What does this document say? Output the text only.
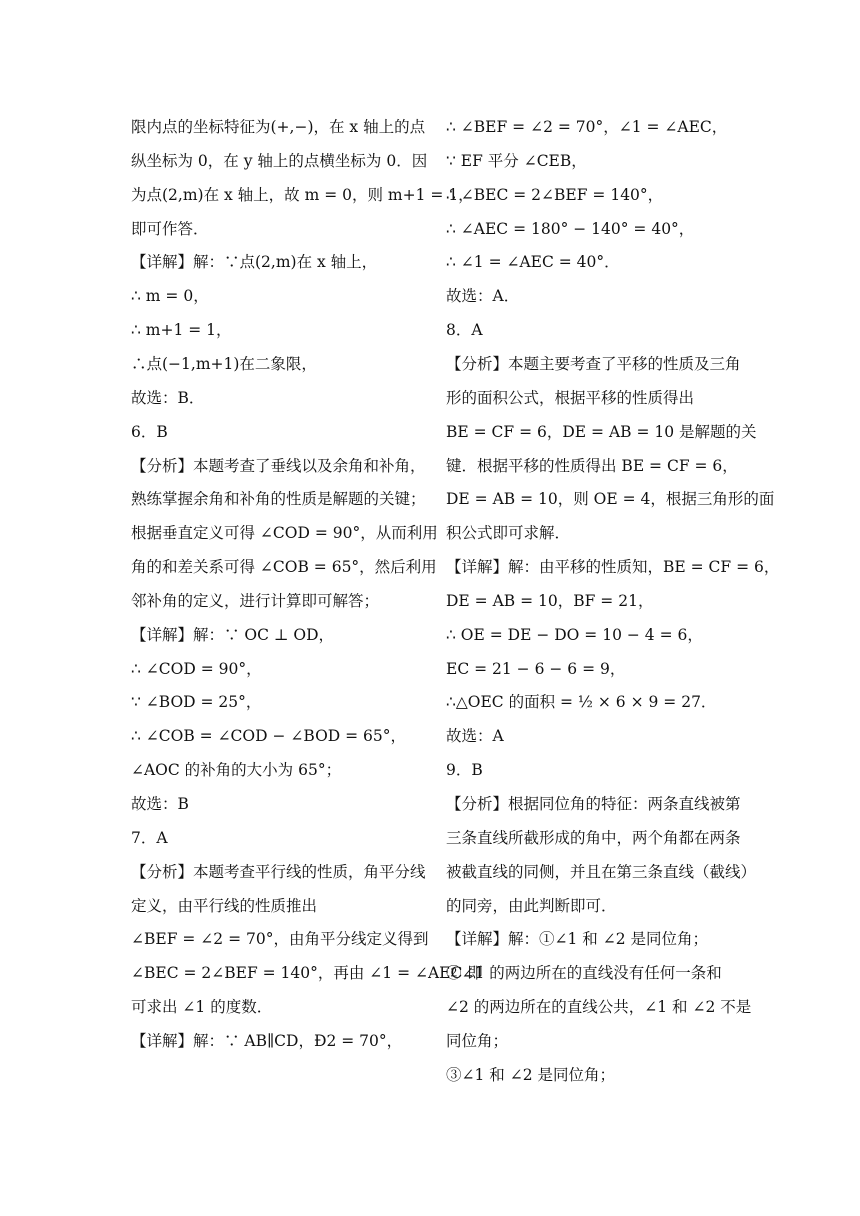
限内点的坐标特征为(+,−)，在 x 轴上的点
纵坐标为 0，在 y 轴上的点横坐标为 0．因
为点(2,m)在 x 轴上，故 m = 0，则 m+1 = 1，
即可作答．
【详解】解：∵点(2,m)在 x 轴上，
∴ m = 0，
∴ m+1 = 1，
∴点(−1,m+1)在二象限，
故选：B．
6．B
【分析】本题考查了垂线以及余角和补角，
熟练掌握余角和补角的性质是解题的关键；
根据垂直定义可得 ∠COD = 90°，从而利用
角的和差关系可得 ∠COB = 65°，然后利用
邻补角的定义，进行计算即可解答；
【详解】解：∵ OC ⊥ OD，
∴ ∠COD = 90°，
∵ ∠BOD = 25°，
∴ ∠COB = ∠COD − ∠BOD = 65°，
∠AOC 的补角的大小为 65°；
故选：B
7．A
【分析】本题考查平行线的性质，角平分线
定义，由平行线的性质推出
∠BEF = ∠2 = 70°，由角平分线定义得到
∠BEC = 2∠BEF = 140°，再由 ∠1 = ∠AEC 即
可求出 ∠1 的度数．
【详解】解：∵ AB∥CD，Ð2 = 70°，
∴ ∠BEF = ∠2 = 70°，∠1 = ∠AEC，
∵ EF 平分 ∠CEB，
∴ ∠BEC = 2∠BEF = 140°，
∴ ∠AEC = 180° − 140° = 40°，
∴ ∠1 = ∠AEC = 40°．
故选：A．
8．A
【分析】本题主要考查了平移的性质及三角
形的面积公式，根据平移的性质得出
BE = CF = 6，DE = AB = 10 是解题的关
键．根据平移的性质得出 BE = CF = 6，
DE = AB = 10，则 OE = 4，根据三角形的面
积公式即可求解．
【详解】解：由平移的性质知，BE = CF = 6，
DE = AB = 10，BF = 21，
∴ OE = DE − DO = 10 − 4 = 6，
EC = 21 − 6 − 6 = 9，
∴△OEC 的面积 = ½ × 6 × 9 = 27．
故选：A
9．B
【分析】根据同位角的特征：两条直线被第
三条直线所截形成的角中，两个角都在两条
被截直线的同侧，并且在第三条直线（截线）
的同旁，由此判断即可．
【详解】解：①∠1 和 ∠2 是同位角；
②∠1 的两边所在的直线没有任何一条和
∠2 的两边所在的直线公共，∠1 和 ∠2 不是
同位角；
③∠1 和 ∠2 是同位角；
